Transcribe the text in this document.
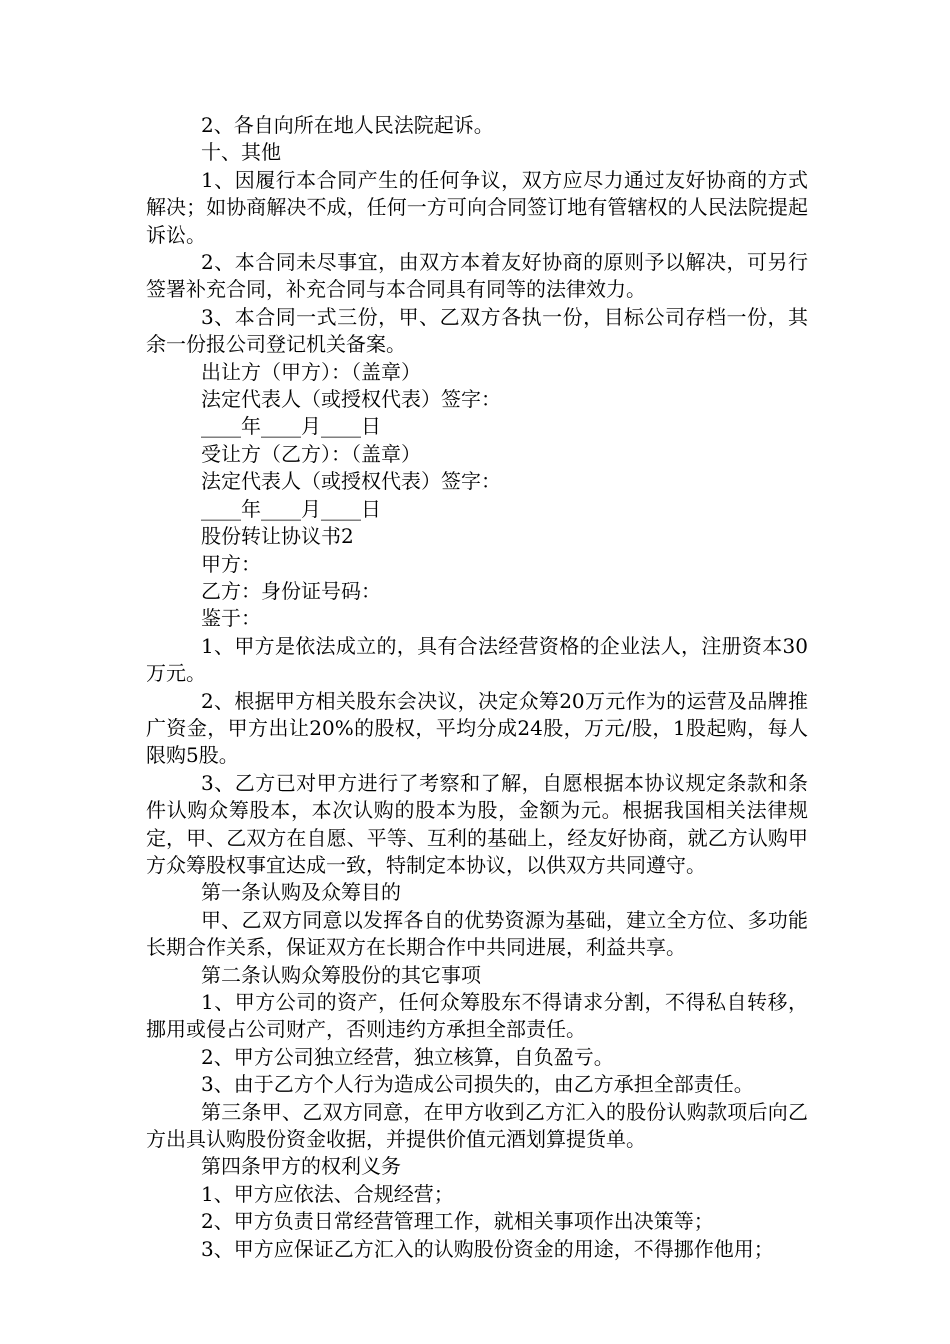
2、各自向所在地人民法院起诉。

十、其他

1、因履行本合同产生的任何争议，双方应尽力通过友好协商的方式解决；如协商解决不成，任何一方可向合同签订地有管辖权的人民法院提起诉讼。

2、本合同未尽事宜，由双方本着友好协商的原则予以解决，可另行签署补充合同，补充合同与本合同具有同等的法律效力。

3、本合同一式三份，甲、乙双方各执一份，目标公司存档一份，其余一份报公司登记机关备案。

出让方（甲方）：（盖章）

法定代表人（或授权代表）签字：

____年____月____日

受让方（乙方）：（盖章）

法定代表人（或授权代表）签字：

____年____月____日

股份转让协议书2

甲方：

乙方：身份证号码：

鉴于：

1、甲方是依法成立的，具有合法经营资格的企业法人，注册资本30万元。

2、根据甲方相关股东会决议，决定众筹20万元作为的运营及品牌推广资金，甲方出让20%的股权，平均分成24股，万元/股，1股起购，每人限购5股。

3、乙方已对甲方进行了考察和了解，自愿根据本协议规定条款和条件认购众筹股本，本次认购的股本为股，金额为元。根据我国相关法律规定，甲、乙双方在自愿、平等、互利的基础上，经友好协商，就乙方认购甲方众筹股权事宜达成一致，特制定本协议，以供双方共同遵守。

第一条认购及众筹目的

甲、乙双方同意以发挥各自的优势资源为基础，建立全方位、多功能长期合作关系，保证双方在长期合作中共同进展，利益共享。

第二条认购众筹股份的其它事项

1、甲方公司的资产，任何众筹股东不得请求分割，不得私自转移，挪用或侵占公司财产，否则违约方承担全部责任。

2、甲方公司独立经营，独立核算，自负盈亏。

3、由于乙方个人行为造成公司损失的，由乙方承担全部责任。

第三条甲、乙双方同意，在甲方收到乙方汇入的股份认购款项后向乙方出具认购股份资金收据，并提供价值元酒划算提货单。

第四条甲方的权利义务

1、甲方应依法、合规经营；

2、甲方负责日常经营管理工作，就相关事项作出决策等；

3、甲方应保证乙方汇入的认购股份资金的用途，不得挪作他用；
